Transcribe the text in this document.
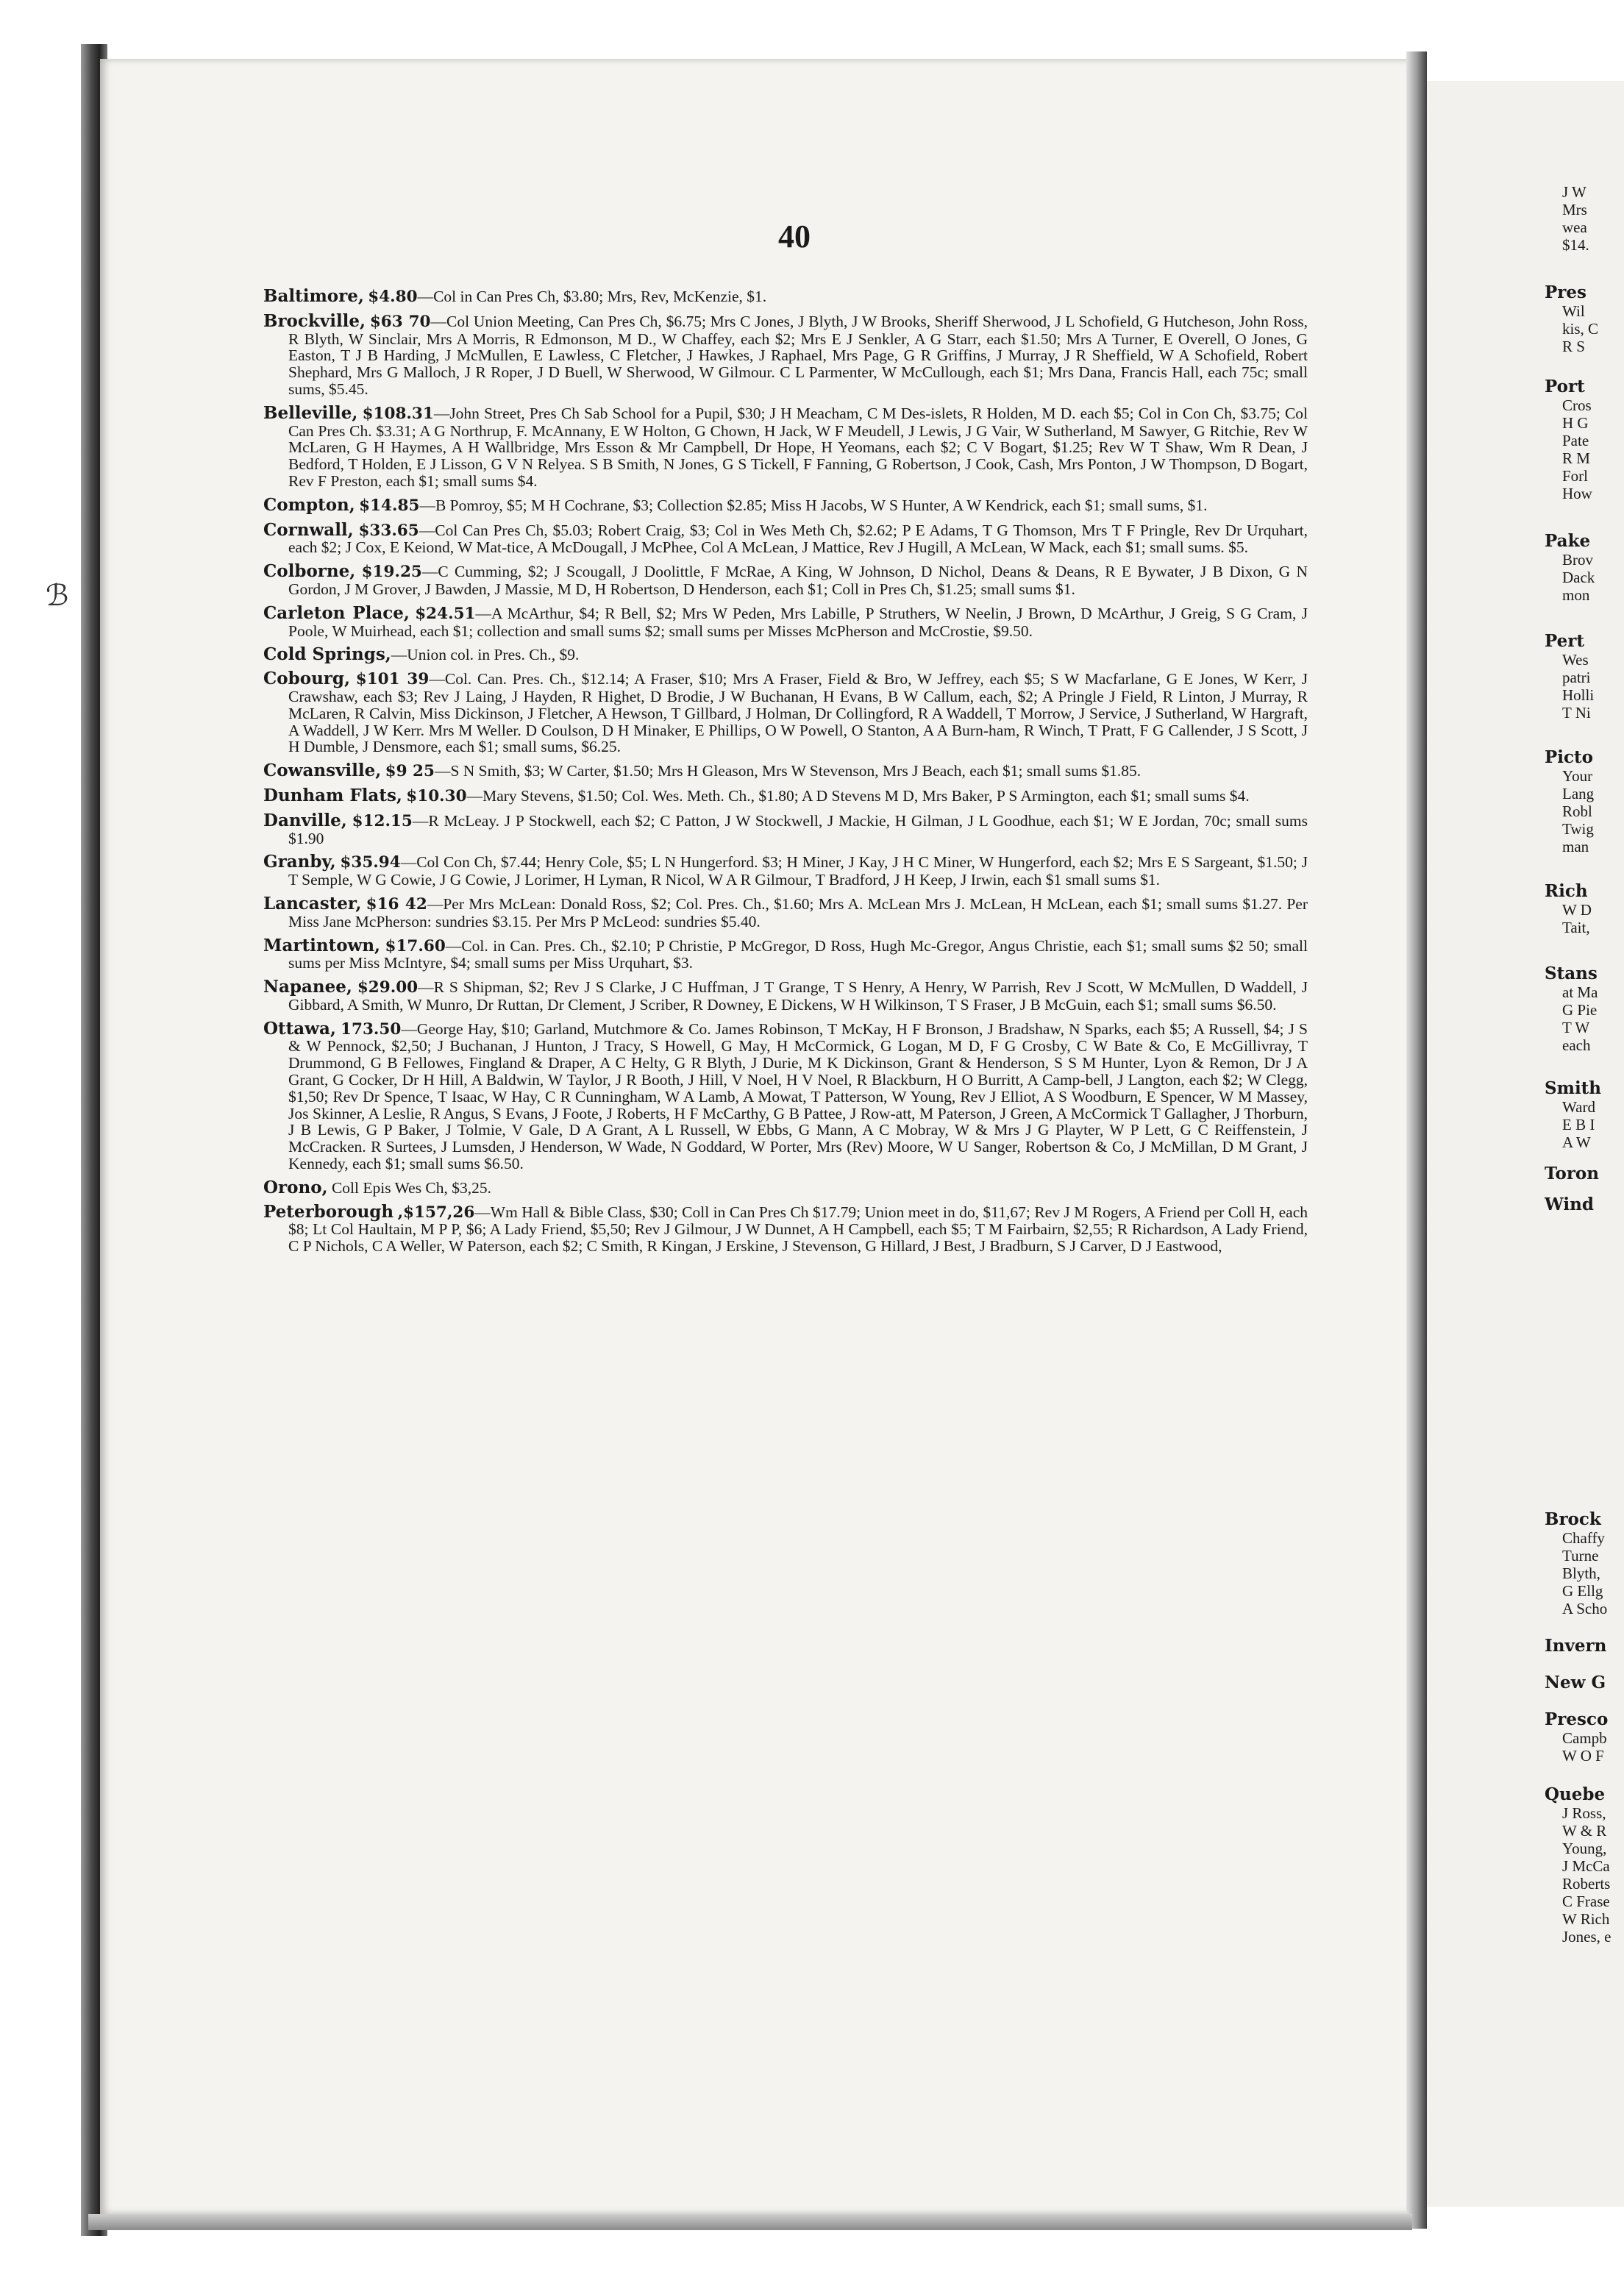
J W
Mrs
wea
$14.
Pres
Wil
kis, C
R S
Port
Cros
H G
Pate
R M
Forl
How
Pake
Brov
Dack
mon
Pert
Wes
patri
Holli
T Ni
Picto
Your
Lang
Robl
Twig
man
Rich
W D
Tait,
Stans
at Ma
G Pie
T W
each
Smith
Ward
E B I
A W
Toron
Wind
Brock
Chaffy
Turne
Blyth,
G Ellg
A Scho
Invern
New G
Presco
Campb
W O F
Quebe
J Ross,
W & R
Young,
J McCa
Roberts
C Frase
W Rich
Jones, e
ℬ
40

Baltimore, $4.80—Col in Can Pres Ch, $3.80; Mrs, Rev, McKenzie, $1.

Brockville, $63 70—Col Union Meeting, Can Pres Ch, $6.75; Mrs C Jones, J Blyth, J W Brooks, Sheriff Sherwood, J L Schofield, G Hutcheson, John Ross, R Blyth, W Sinclair, Mrs A Morris, R Edmonson, M D., W Chaffey, each $2; Mrs E J Senkler, A G Starr, each $1.50; Mrs A Turner, E Overell, O Jones, G Easton, T J B Harding, J McMullen, E Lawless, C Fletcher, J Hawkes, J Raphael, Mrs Page, G R Griffins, J Murray, J R Sheffield, W A Schofield, Robert Shephard, Mrs G Malloch, J R Roper, J D Buell, W Sherwood, W Gilmour. C L Parmenter, W McCullough, each $1; Mrs Dana, Francis Hall, each 75c; small sums, $5.45.

Belleville, $108.31—John Street, Pres Ch Sab School for a Pupil, $30; J H Meacham, C M Des-islets, R Holden, M D. each $5; Col in Con Ch, $3.75; Col Can Pres Ch. $3.31; A G Northrup, F. McAnnany, E W Holton, G Chown, H Jack, W F Meudell, J Lewis, J G Vair, W Sutherland, M Sawyer, G Ritchie, Rev W McLaren, G H Haymes, A H Wallbridge, Mrs Esson & Mr Campbell, Dr Hope, H Yeomans, each $2; C V Bogart, $1.25; Rev W T Shaw, Wm R Dean, J Bedford, T Holden, E J Lisson, G V N Relyea. S B Smith, N Jones, G S Tickell, F Fanning, G Robertson, J Cook, Cash, Mrs Ponton, J W Thompson, D Bogart, Rev F Preston, each $1; small sums $4.

Compton, $14.85—B Pomroy, $5; M H Cochrane, $3; Collection $2.85; Miss H Jacobs, W S Hunter, A W Kendrick, each $1; small sums, $1.

Cornwall, $33.65—Col Can Pres Ch, $5.03; Robert Craig, $3; Col in Wes Meth Ch, $2.62; P E Adams, T G Thomson, Mrs T F Pringle, Rev Dr Urquhart, each $2; J Cox, E Keiond, W Mat-tice, A McDougall, J McPhee, Col A McLean, J Mattice, Rev J Hugill, A McLean, W Mack, each $1; small sums. $5.

Colborne, $19.25—C Cumming, $2; J Scougall, J Doolittle, F McRae, A King, W Johnson, D Nichol, Deans & Deans, R E Bywater, J B Dixon, G N Gordon, J M Grover, J Bawden, J Massie, M D, H Robertson, D Henderson, each $1; Coll in Pres Ch, $1.25; small sums $1.

Carleton Place, $24.51—A McArthur, $4; R Bell, $2; Mrs W Peden, Mrs Labille, P Struthers, W Neelin, J Brown, D McArthur, J Greig, S G Cram, J Poole, W Muirhead, each $1; collection and small sums $2; small sums per Misses McPherson and McCrostie, $9.50.

Cold Springs,—Union col. in Pres. Ch., $9.

Cobourg, $101 39—Col. Can. Pres. Ch., $12.14; A Fraser, $10; Mrs A Fraser, Field & Bro, W Jeffrey, each $5; S W Macfarlane, G E Jones, W Kerr, J Crawshaw, each $3; Rev J Laing, J Hayden, R Highet, D Brodie, J W Buchanan, H Evans, B W Callum, each, $2; A Pringle J Field, R Linton, J Murray, R McLaren, R Calvin, Miss Dickinson, J Fletcher, A Hewson, T Gillbard, J Holman, Dr Collingford, R A Waddell, T Morrow, J Service, J Sutherland, W Hargraft, A Waddell, J W Kerr. Mrs M Weller. D Coulson, D H Minaker, E Phillips, O W Powell, O Stanton, A A Burn-ham, R Winch, T Pratt, F G Callender, J S Scott, J H Dumble, J Densmore, each $1; small sums, $6.25.

Cowansville, $9 25—S N Smith, $3; W Carter, $1.50; Mrs H Gleason, Mrs W Stevenson, Mrs J Beach, each $1; small sums $1.85.

Dunham Flats, $10.30—Mary Stevens, $1.50; Col. Wes. Meth. Ch., $1.80; A D Stevens M D, Mrs Baker, P S Armington, each $1; small sums $4.

Danville, $12.15—R McLeay. J P Stockwell, each $2; C Patton, J W Stockwell, J Mackie, H Gilman, J L Goodhue, each $1; W E Jordan, 70c; small sums $1.90

Granby, $35.94—Col Con Ch, $7.44; Henry Cole, $5; L N Hungerford. $3; H Miner, J Kay, J H C Miner, W Hungerford, each $2; Mrs E S Sargeant, $1.50; J T Semple, W G Cowie, J G Cowie, J Lorimer, H Lyman, R Nicol, W A R Gilmour, T Bradford, J H Keep, J Irwin, each $1 small sums $1.

Lancaster, $16 42—Per Mrs McLean: Donald Ross, $2; Col. Pres. Ch., $1.60; Mrs A. McLean Mrs J. McLean, H McLean, each $1; small sums $1.27. Per Miss Jane McPherson: sundries $3.15. Per Mrs P McLeod: sundries $5.40.

Martintown, $17.60—Col. in Can. Pres. Ch., $2.10; P Christie, P McGregor, D Ross, Hugh Mc-Gregor, Angus Christie, each $1; small sums $2 50; small sums per Miss McIntyre, $4; small sums per Miss Urquhart, $3.

Napanee, $29.00—R S Shipman, $2; Rev J S Clarke, J C Huffman, J T Grange, T S Henry, A Henry, W Parrish, Rev J Scott, W McMullen, D Waddell, J Gibbard, A Smith, W Munro, Dr Ruttan, Dr Clement, J Scriber, R Downey, E Dickens, W H Wilkinson, T S Fraser, J B McGuin, each $1; small sums $6.50.

Ottawa, 173.50—George Hay, $10; Garland, Mutchmore & Co. James Robinson, T McKay, H F Bronson, J Bradshaw, N Sparks, each $5; A Russell, $4; J S & W Pennock, $2,50; J Buchanan, J Hunton, J Tracy, S Howell, G May, H McCormick, G Logan, M D, F G Crosby, C W Bate & Co, E McGillivray, T Drummond, G B Fellowes, Fingland & Draper, A C Helty, G R Blyth, J Durie, M K Dickinson, Grant & Henderson, S S M Hunter, Lyon & Remon, Dr J A Grant, G Cocker, Dr H Hill, A Baldwin, W Taylor, J R Booth, J Hill, V Noel, H V Noel, R Blackburn, H O Burritt, A Camp-bell, J Langton, each $2; W Clegg, $1,50; Rev Dr Spence, T Isaac, W Hay, C R Cunningham, W A Lamb, A Mowat, T Patterson, W Young, Rev J Elliot, A S Woodburn, E Spencer, W M Massey, Jos Skinner, A Leslie, R Angus, S Evans, J Foote, J Roberts, H F McCarthy, G B Pattee, J Row-att, M Paterson, J Green, A McCormick T Gallagher, J Thorburn, J B Lewis, G P Baker, J Tolmie, V Gale, D A Grant, A L Russell, W Ebbs, G Mann, A C Mobray, W & Mrs J G Playter, W P Lett, G C Reiffenstein, J McCracken. R Surtees, J Lumsden, J Henderson, W Wade, N Goddard, W Porter, Mrs (Rev) Moore, W U Sanger, Robertson & Co, J McMillan, D M Grant, J Kennedy, each $1; small sums $6.50.

Orono, Coll Epis Wes Ch, $3,25.

Peterborough ,$157,26—Wm Hall & Bible Class, $30; Coll in Can Pres Ch $17.79; Union meet in do, $11,67; Rev J M Rogers, A Friend per Coll H, each $8; Lt Col Haultain, M P P, $6; A Lady Friend, $5,50; Rev J Gilmour, J W Dunnet, A H Campbell, each $5; T M Fairbairn, $2,55; R Richardson, A Lady Friend, C P Nichols, C A Weller, W Paterson, each $2; C Smith, R Kingan, J Erskine, J Stevenson, G Hillard, J Best, J Bradburn, S J Carver, D J Eastwood,
